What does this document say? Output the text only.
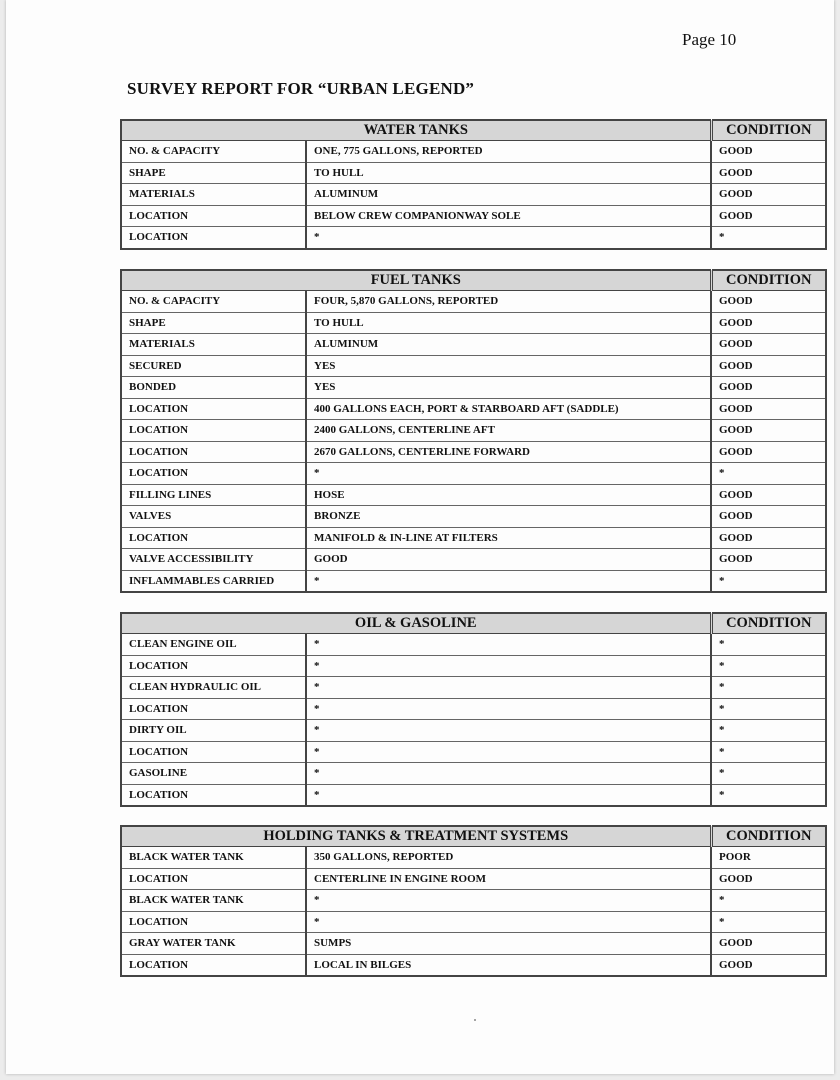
Page 10
SURVEY REPORT FOR “URBAN LEGEND”
WATER TANKS		CONDITION
NO. & CAPACITY	ONE, 775 GALLONS, REPORTED	GOOD
SHAPE	TO HULL	GOOD
MATERIALS	ALUMINUM	GOOD
LOCATION	BELOW CREW COMPANIONWAY SOLE	GOOD
LOCATION	*	*
FUEL TANKS		CONDITION
NO. & CAPACITY	FOUR, 5,870 GALLONS, REPORTED	GOOD
SHAPE	TO HULL	GOOD
MATERIALS	ALUMINUM	GOOD
SECURED	YES	GOOD
BONDED	YES	GOOD
LOCATION	400 GALLONS EACH, PORT & STARBOARD AFT (SADDLE)	GOOD
LOCATION	2400 GALLONS, CENTERLINE AFT	GOOD
LOCATION	2670 GALLONS, CENTERLINE FORWARD	GOOD
LOCATION	*	*
FILLING LINES	HOSE	GOOD
VALVES	BRONZE	GOOD
LOCATION	MANIFOLD & IN-LINE AT FILTERS	GOOD
VALVE ACCESSIBILITY	GOOD	GOOD
INFLAMMABLES CARRIED	*	*
OIL & GASOLINE		CONDITION
CLEAN ENGINE OIL	*	*
LOCATION	*	*
CLEAN HYDRAULIC OIL	*	*
LOCATION	*	*
DIRTY OIL	*	*
LOCATION	*	*
GASOLINE	*	*
LOCATION	*	*
HOLDING TANKS & TREATMENT SYSTEMS		CONDITION
BLACK WATER TANK	350 GALLONS, REPORTED	POOR
LOCATION	CENTERLINE IN ENGINE ROOM	GOOD
BLACK WATER TANK	*	*
LOCATION	*	*
GRAY WATER TANK	SUMPS	GOOD
LOCATION	LOCAL IN BILGES	GOOD
